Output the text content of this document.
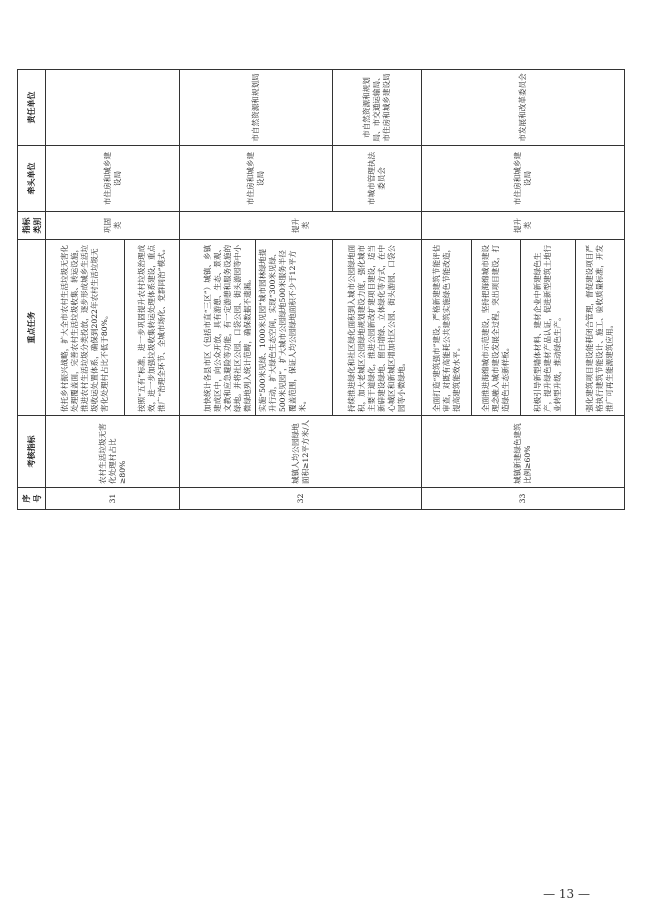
序号	考核指标	重点任务	指标类别	牵头单位	责任单位
31	农村生活垃圾无害化处理村占比≥80%	依托乡村振兴战略，扩大全市农村生活垃圾无害化处理覆盖面，完善农村生活垃圾收集、转运设施，推进农村生活垃圾分类投放，逐步形成城乡生活垃圾收运处置体系，确保到2022年农村生活垃圾无害化处理村占比不低于80%。	巩固类	市住房和城乡建设局	
		按照“五有”标准，进一步巩固提升农村垃圾治理成效，进一步加强垃圾收集转运处理体系建设，重点推广“治理全环节、全城市场化、党群同治”模式。			
32	城镇人均公园绿地面积≥12平方米/人	加快统计各县市区（包括市直“三区”）城镇、乡镇建成区中，向公众开放，具有游憩、生态、景观、文教和应急避险等功能，有一定游憩和服务设施的绿地。并将社区公园、口袋公园、街头游园等中小微绿地列入统计范畴，确保数据不遗漏。 实施“500米见绿、1000米见园”城市园林绿地提升行动，扩大绿色生态空间，实现“300米见绿、500米见园”，扩大城市公园绿地500米服务半径覆盖范围，保证人均公园绿地面积不少于12平方米。	提升类	市住房和城乡建设局	市自然资源和规划局
		持续推进绿化和社区绿化面积到入城市公园绿地面积，加大老城区公园绿地规划建设力度，强化城市主要干道绿化，推进公园新改扩建项目建设，适当新辟建设绿地、留白增绿、立体绿化等方式，在中心城区和新城区增加社区公园、街头游园、口袋公园等小微绿地。		市城市管理执法委员会	市自然资源和规划局、市交通运输局、市住房和城乡建设局
33	城镇新建绿色建筑比例≥60%	全面打造“建筑强市”建设，严格新建建筑节能评估审查，对既有高能耗公共建筑实施绿色节能改造，提高建筑能效水平。	提升类	市住房和城乡建设局	市发展和改革委员会
		全面推进海绵城市示范建设，坚持把海绵城市建设理念融入城市建设发展全过程，突出项目建设，打造绿色生态新样板。			
		积极引导新型墙体材料、建材企业中新建绿色生产，提升绿色建材产品认证，促进新型建筑土地行业转型升级，推动绿色生产。			
		强化建筑项目建设能耗闭合管理，督促建设项目严格执行建筑节能设计、施工、验收质量标准，开发推广可再生能源建筑应用。			
— 13 —
